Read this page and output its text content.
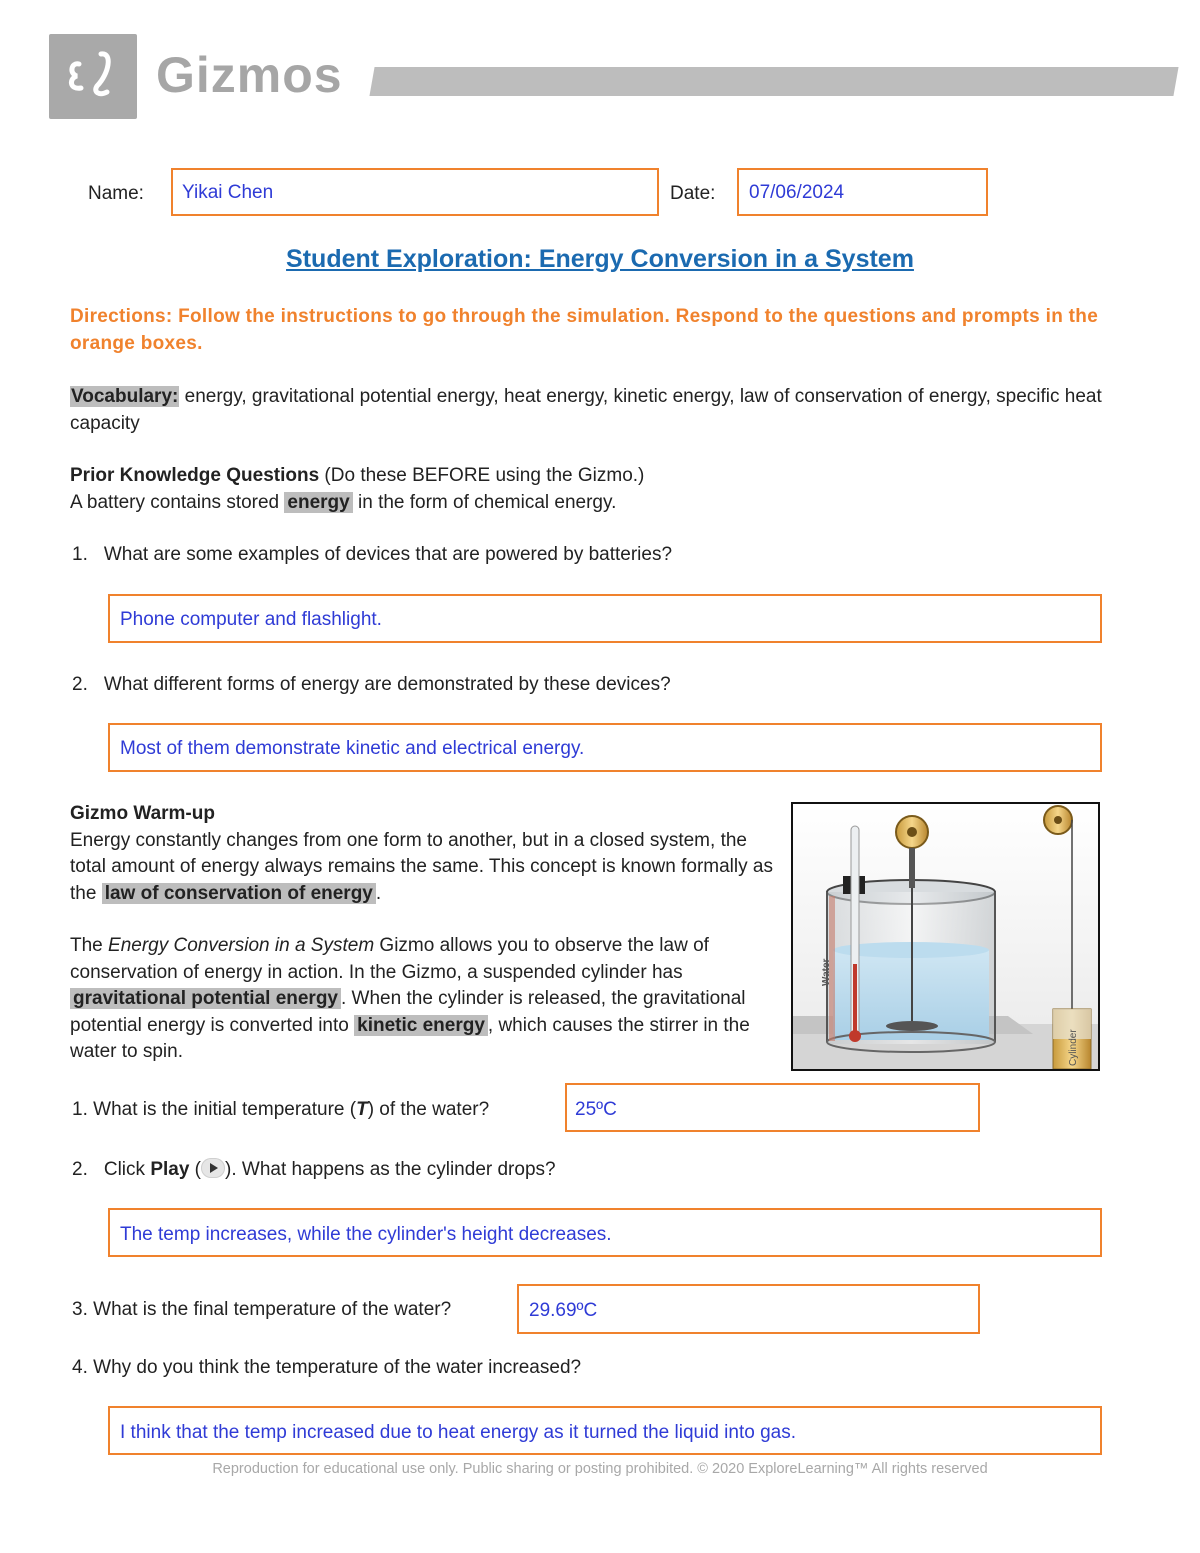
Gizmos
Name: Yikai Chen	Date: 07/06/2024
Student Exploration: Energy Conversion in a System
Directions: Follow the instructions to go through the simulation. Respond to the questions and prompts in the orange boxes.
Vocabulary: energy, gravitational potential energy, heat energy, kinetic energy, law of conservation of energy, specific heat capacity
Prior Knowledge Questions (Do these BEFORE using the Gizmo.)
A battery contains stored energy in the form of chemical energy.
1. What are some examples of devices that are powered by batteries?
Phone computer and flashlight.
2. What different forms of energy are demonstrated by these devices?
Most of them demonstrate kinetic and electrical energy.
Gizmo Warm-up
Energy constantly changes from one form to another, but in a closed system, the total amount of energy always remains the same. This concept is known formally as the law of conservation of energy .
The Energy Conversion in a System Gizmo allows you to observe the law of conservation of energy in action. In the Gizmo, a suspended cylinder has gravitational potential energy . When the cylinder is released, the gravitational potential energy is converted into kinetic energy , which causes the stirrer in the water to spin.
Water
Cylinder
1. What is the initial temperature (T) of the water?	25ºC
2. Click Play ( ). What happens as the cylinder drops?
The temp increases, while the cylinder's height decreases.
3. What is the final temperature of the water?	29.69ºC
4. Why do you think the temperature of the water increased?
I think that the temp increased due to heat energy as it turned the liquid into gas.
Reproduction for educational use only. Public sharing or posting prohibited. © 2020 ExploreLearning™ All rights reserved
